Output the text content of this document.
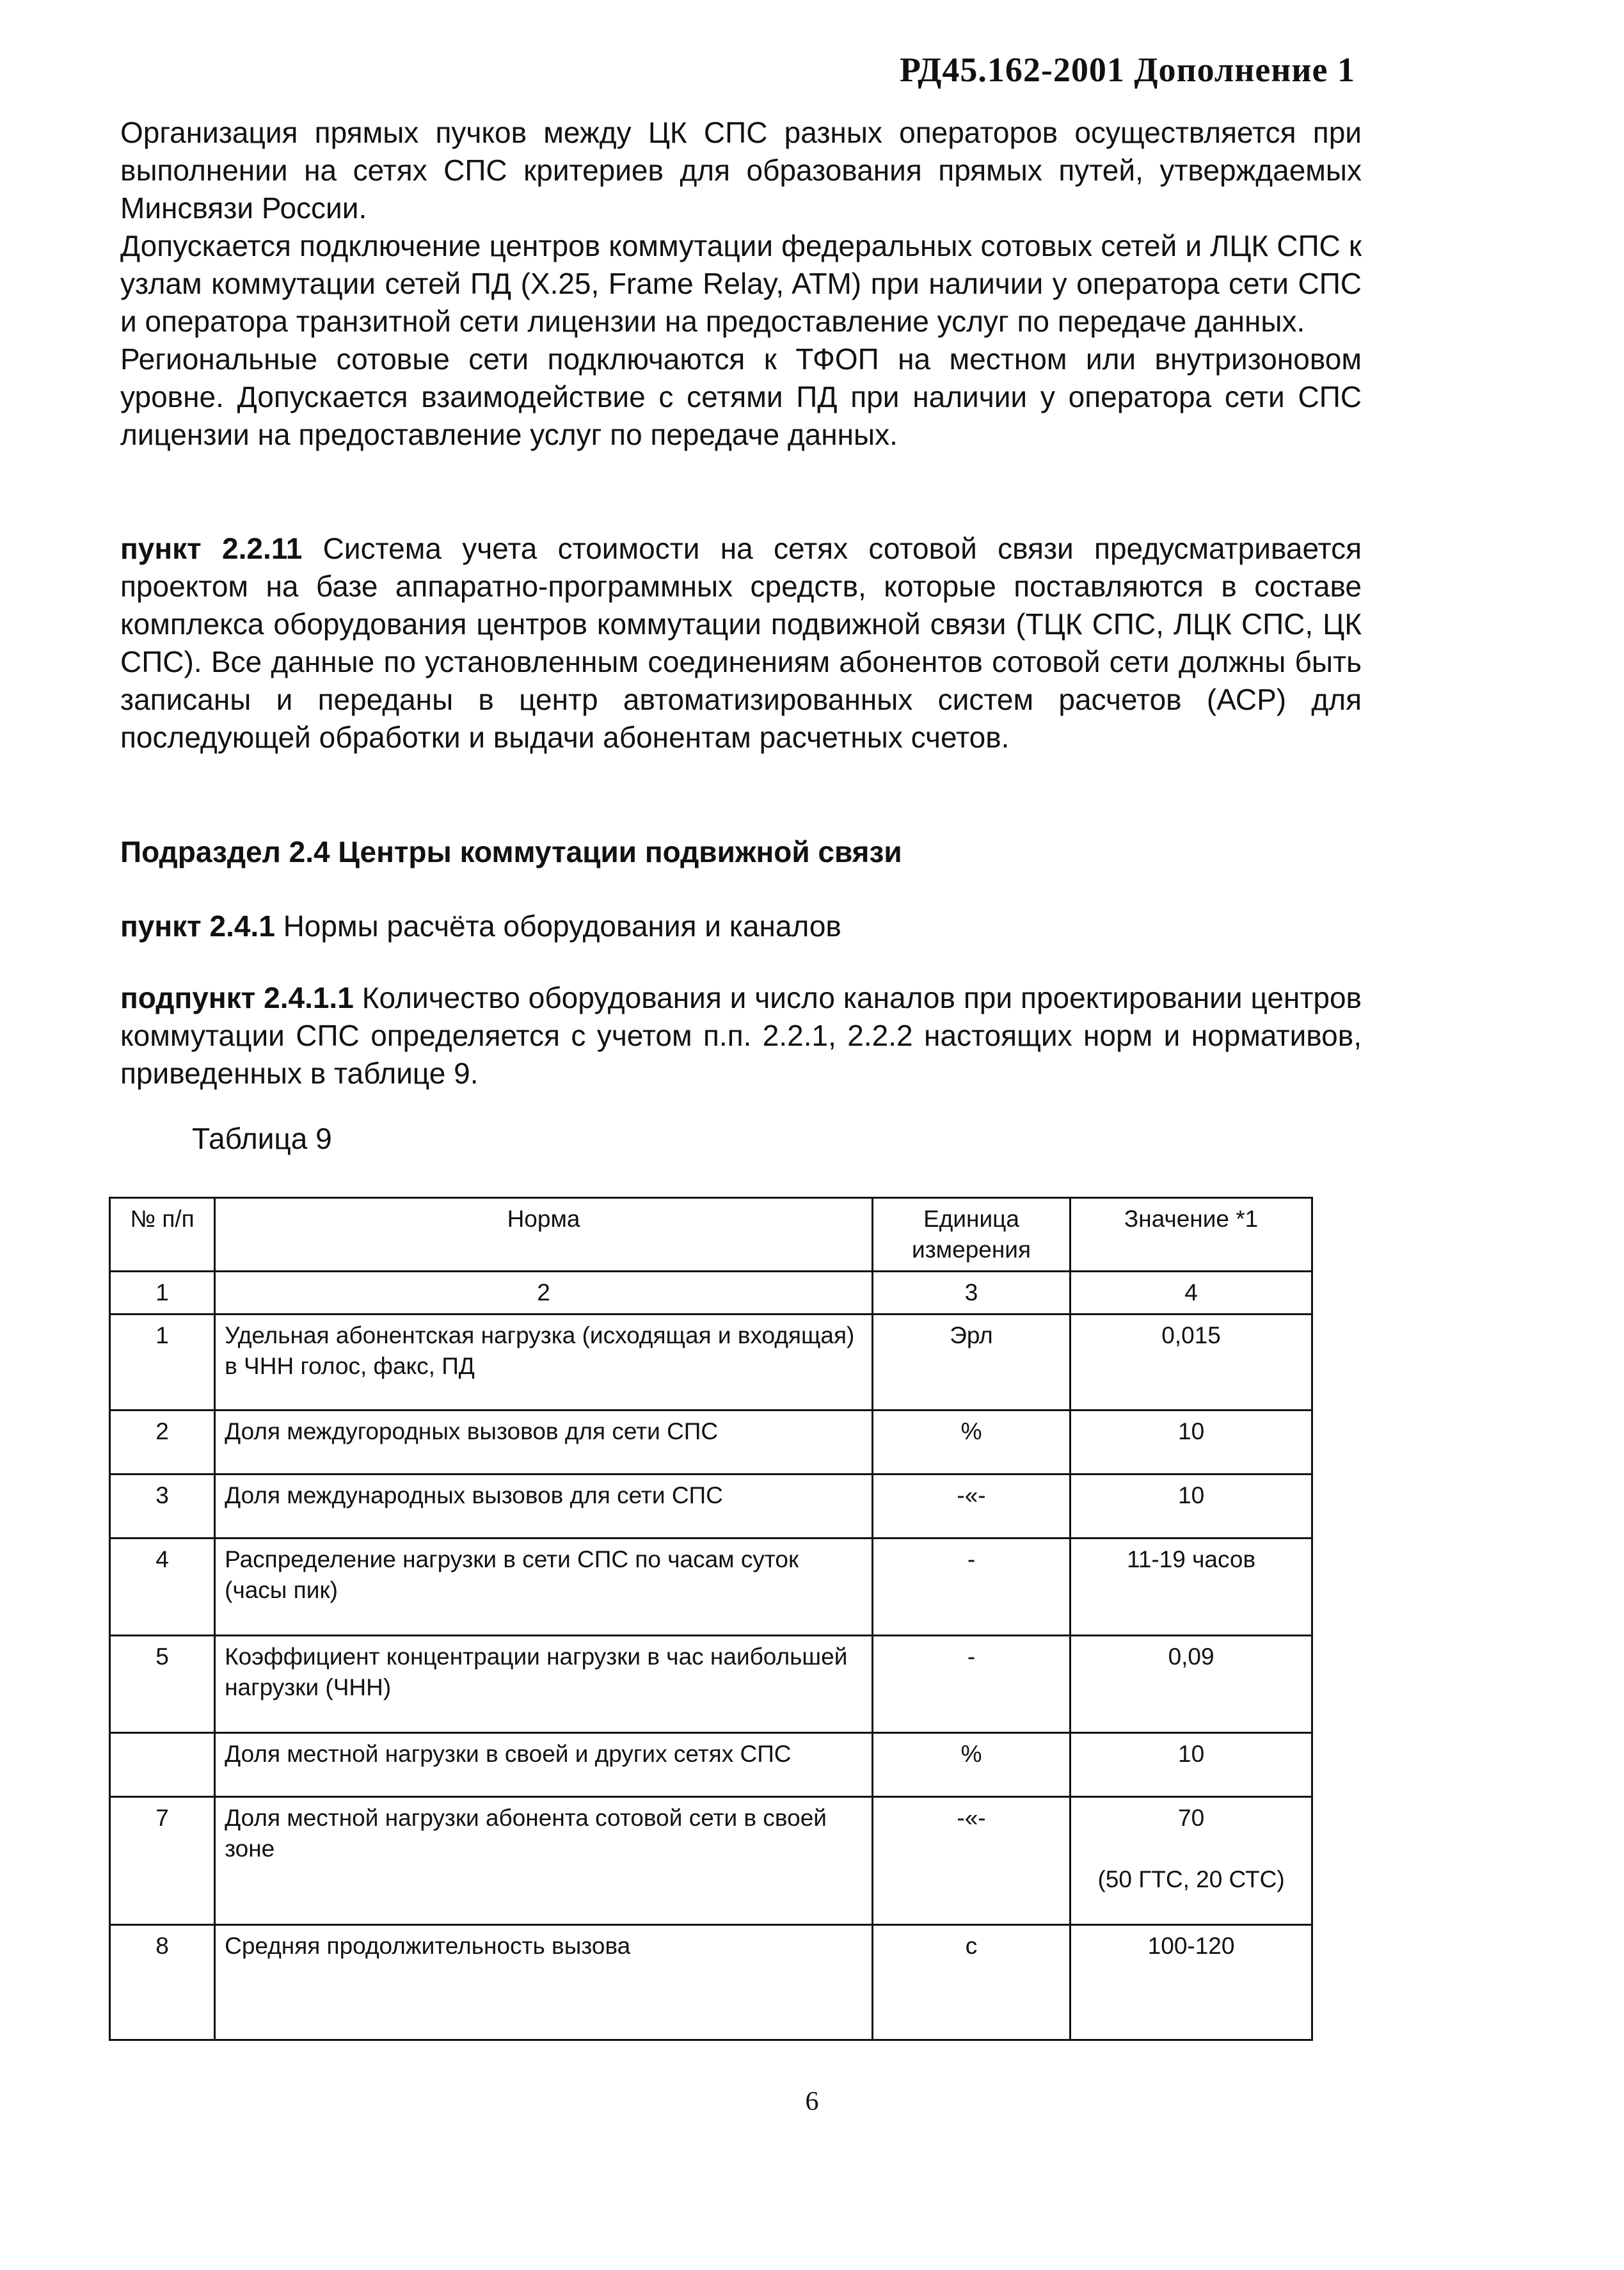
РД45.162-2001 Дополнение 1

Организация прямых пучков между ЦК СПС разных операторов осуществляется при выполнении на сетях СПС критериев для образования прямых путей, утверждаемых Минсвязи России.

Допускается подключение центров коммутации федеральных сотовых сетей и ЛЦК СПС к узлам коммутации сетей ПД (X.25, Frame Relay, ATM) при наличии у оператора сети СПС и оператора транзитной сети лицензии на предоставление услуг по передаче данных.

Региональные сотовые сети подключаются к ТФОП на местном или внутризоновом уровне. Допускается взаимодействие с сетями ПД при наличии у оператора сети СПС лицензии на предоставление услуг по передаче данных.

пункт 2.2.11 Система учета стоимости на сетях сотовой связи предусматривается проектом на базе аппаратно-программных средств, которые поставляются в составе комплекса оборудования центров коммутации подвижной связи (ТЦК СПС, ЛЦК СПС, ЦК СПС). Все данные по установленным соединениям абонентов сотовой сети должны быть записаны и переданы в центр автоматизированных систем расчетов (АСР) для последующей обработки и выдачи абонентам расчетных счетов.

Подраздел 2.4 Центры коммутации подвижной связи

пункт 2.4.1 Нормы расчёта оборудования и каналов

подпункт 2.4.1.1 Количество оборудования и число каналов при проектировании центров коммутации СПС определяется с учетом п.п. 2.2.1, 2.2.2 настоящих норм и нормативов, приведенных в таблице 9.

Таблица 9
№ п/п	Норма	Единица измерения	Значение *1
1	2	3	4
1	Удельная абонентская нагрузка (исходящая и входящая) в ЧНН голос, факс, ПД	Эрл	0,015
2	Доля междугородных вызовов для сети СПС	%	10
3	Доля международных вызовов для сети СПС	-«-	10
4	Распределение нагрузки в сети СПС по часам суток (часы пик)	-	11-19 часов
5	Коэффициент концентрации нагрузки в час наибольшей нагрузки (ЧНН)	-	0,09
	Доля местной нагрузки в своей и других сетях СПС	%	10
7	Доля местной нагрузки абонента сотовой сети в своей зоне	-«-	70
(50 ГТС, 20 СТС)

8	Средняя продолжительность вызова	с	100-120
6
